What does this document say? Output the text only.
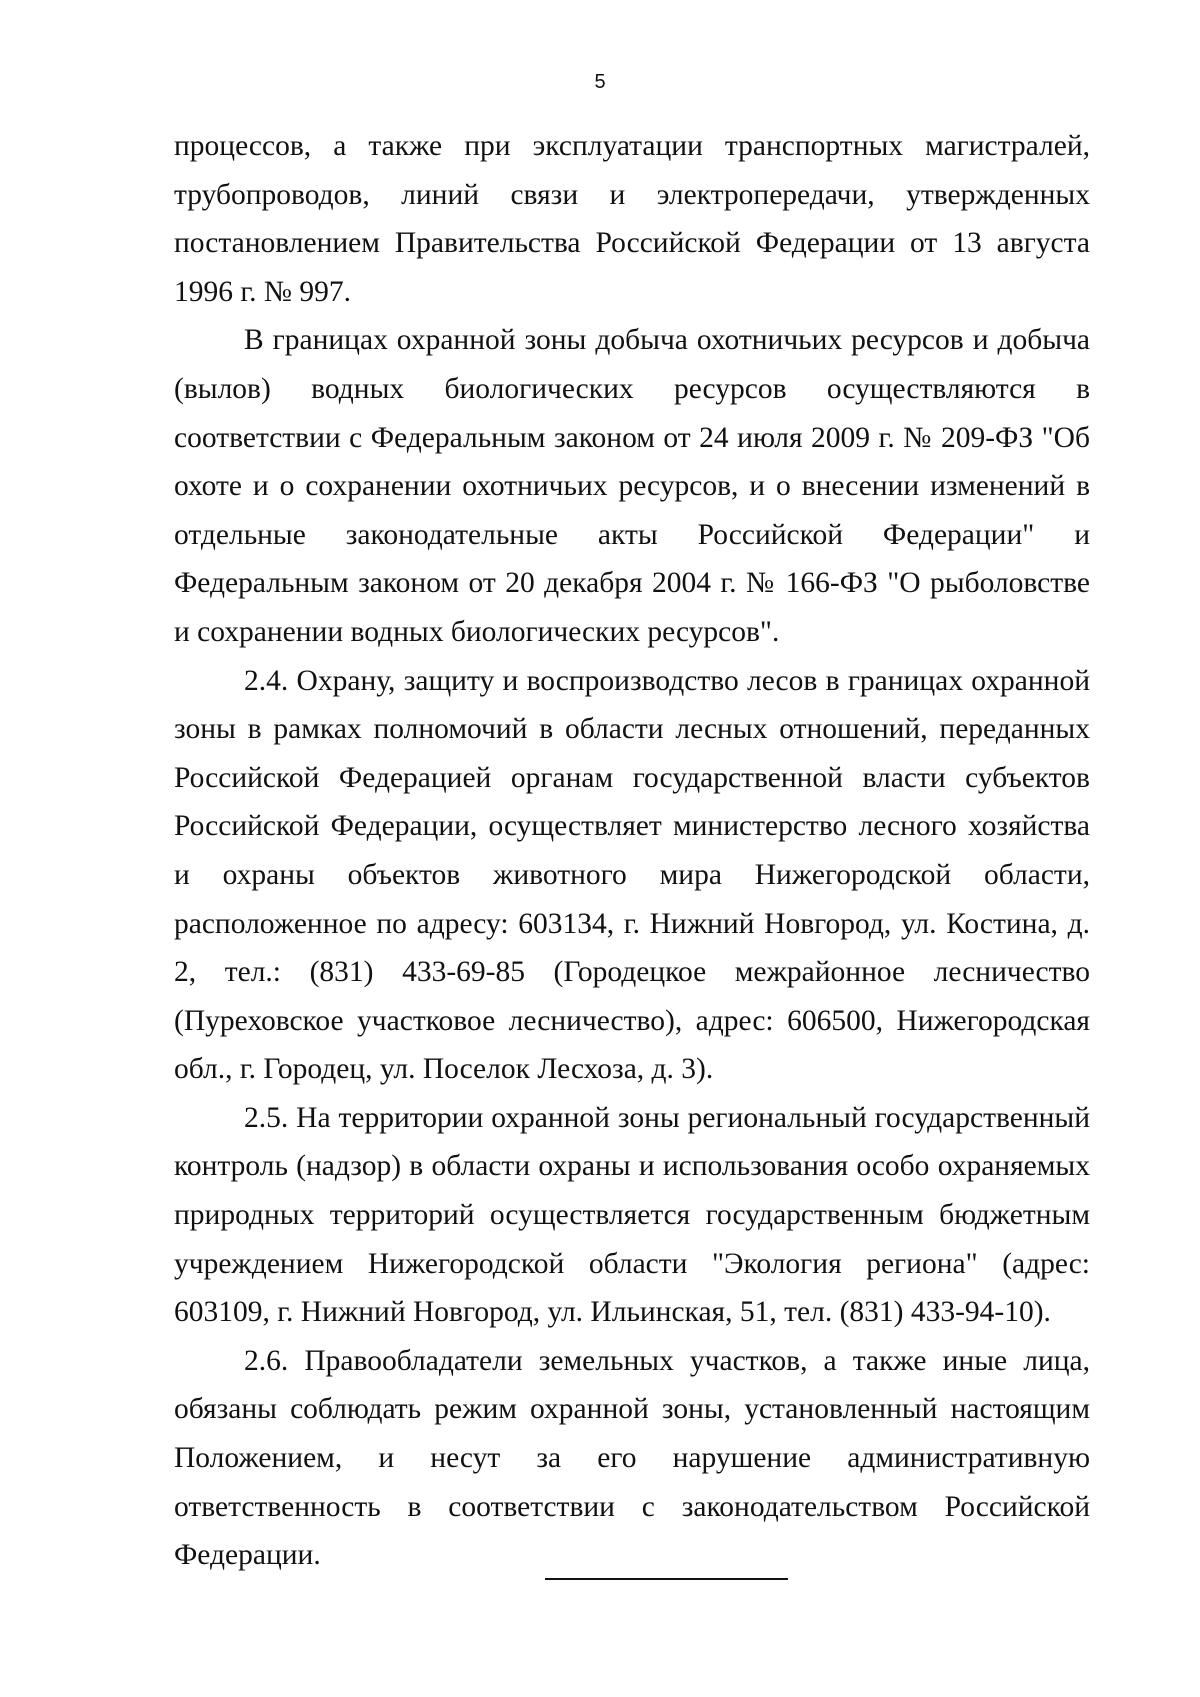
5

процессов, а также при эксплуатации транспортных магистралей, трубопроводов, линий связи и электропередачи, утвержденных постановлением Правительства Российской Федерации от 13 августа 1996 г. № 997.

В границах охранной зоны добыча охотничьих ресурсов и добыча (вылов) водных биологических ресурсов осуществляются в соответствии с Федеральным законом от 24 июля 2009 г. № 209-ФЗ "Об охоте и о сохранении охотничьих ресурсов, и о внесении изменений в отдельные законодательные акты Российской Федерации" и Федеральным законом от 20 декабря 2004 г. № 166-ФЗ "О рыболовстве и сохранении водных биологических ресурсов".

2.4. Охрану, защиту и воспроизводство лесов в границах охранной зоны в рамках полномочий в области лесных отношений, переданных Российской Федерацией органам государственной власти субъектов Российской Федерации, осуществляет министерство лесного хозяйства и охраны объектов животного мира Нижегородской области, расположенное по адресу: 603134, г. Нижний Новгород, ул. Костина, д. 2, тел.: (831) 433-69-85 (Городецкое межрайонное лесничество (Пуреховское участковое лесничество), адрес: 606500, Нижегородская обл., г. Городец, ул. Поселок Лесхоза, д. 3).

2.5. На территории охранной зоны региональный государственный контроль (надзор) в области охраны и использования особо охраняемых природных территорий осуществляется государственным бюджетным учреждением Нижегородской области "Экология региона" (адрес: 603109, г. Нижний Новгород, ул. Ильинская, 51, тел. (831) 433-94-10).

2.6. Правообладатели земельных участков, а также иные лица, обязаны соблюдать режим охранной зоны, установленный настоящим Положением, и несут за его нарушение административную ответственность в соответствии с законодательством Российской Федерации.
